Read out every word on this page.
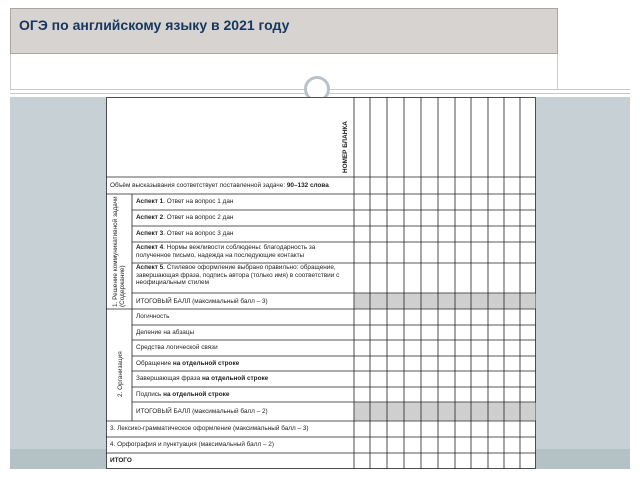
ОГЭ по английскому языку в 2021 году
НОМЕР БЛАНКА
Объём высказывания соответствует поставленной задаче: 90–132 слова
1. Решение коммуникативной задачи (Содержание)
Аспект 1. Ответ на вопрос 1 дан
Аспект 2. Ответ на вопрос 2 дан
Аспект 3. Ответ на вопрос 3 дан
Аспект 4. Нормы вежливости соблюдены: благодарность за полученное письмо, надежда на последующие контакты
Аспект 5. Стилевое оформление выбрано правильно: обращение, завершающая фраза, подпись автора (только имя) в соответствии с неофициальным стилем
ИТОГОВЫЙ БАЛЛ (максимальный балл – 3)
2. Организация
Логичность
Деление на абзацы
Средства логической связи
Обращение на отдельной строке
Завершающая фраза на отдельной строке
Подпись на отдельной строке
ИТОГОВЫЙ БАЛЛ (максимальный балл – 2)
3. Лексико-грамматическое оформление (максимальный балл – 3)
4. Орфография и пунктуация (максимальный балл – 2)
ИТОГО
